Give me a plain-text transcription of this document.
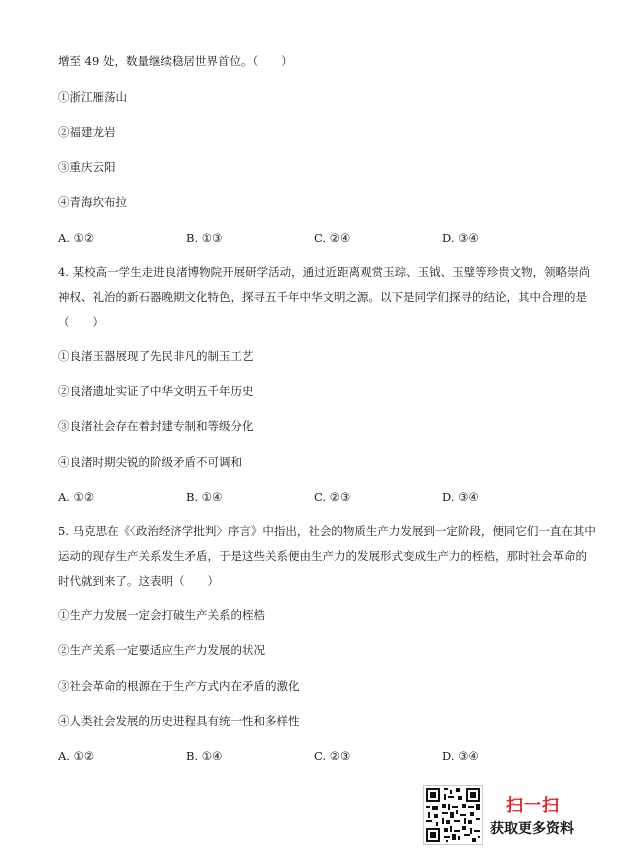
增至 49 处，数量继续稳居世界首位。（　　）
①浙江雁荡山
②福建龙岩
③重庆云阳
④青海坎布拉
A. ①②	B. ①③	C. ②④	D. ③④
4. 某校高一学生走进良渚博物院开展研学活动，通过近距离观赏玉琮、玉钺、玉璧等珍贵文物，领略崇尚
神权、礼治的新石器晚期文化特色，探寻五千年中华文明之源。以下是同学们探寻的结论，其中合理的是
（　　）
①良渚玉器展现了先民非凡的制玉工艺
②良渚遗址实证了中华文明五千年历史
③良渚社会存在着封建专制和等级分化
④良渚时期尖锐的阶级矛盾不可调和
A. ①②	B. ①④	C. ②③	D. ③④
5. 马克思在《〈政治经济学批判〉序言》中指出，社会的物质生产力发展到一定阶段，便同它们一直在其中
运动的现存生产关系发生矛盾，于是这些关系便由生产力的发展形式变成生产力的桎梏，那时社会革命的
时代就到来了。这表明（　　）
①生产力发展一定会打破生产关系的桎梏
②生产关系一定要适应生产力发展的状况
③社会革命的根源在于生产方式内在矛盾的激化
④人类社会发展的历史进程具有统一性和多样性
A. ①②	B. ①④	C. ②③	D. ③④
扫一扫
获取更多资料
